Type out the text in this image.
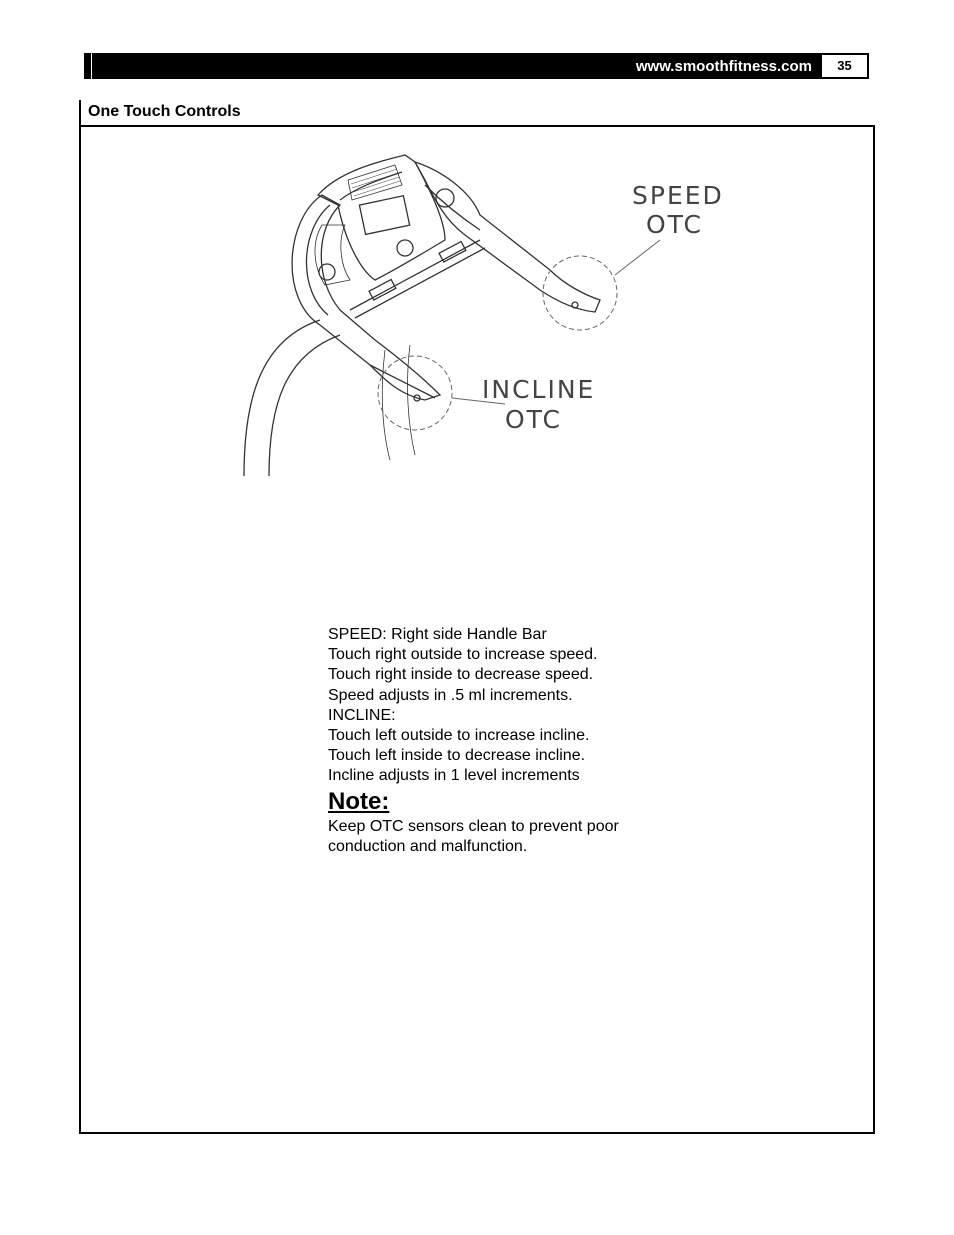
www.smoothfitness.com	35
One Touch Controls
SPEED
OTC
INCLINE
OTC
SPEED: Right side Handle Bar
Touch right outside to increase speed.
Touch right inside to decrease speed.
Speed adjusts in .5 ml increments.
INCLINE:
Touch left outside to increase incline.
Touch left inside to decrease incline.
Incline adjusts in 1 level increments
Note:
Keep OTC sensors clean to prevent poor
conduction and malfunction.
